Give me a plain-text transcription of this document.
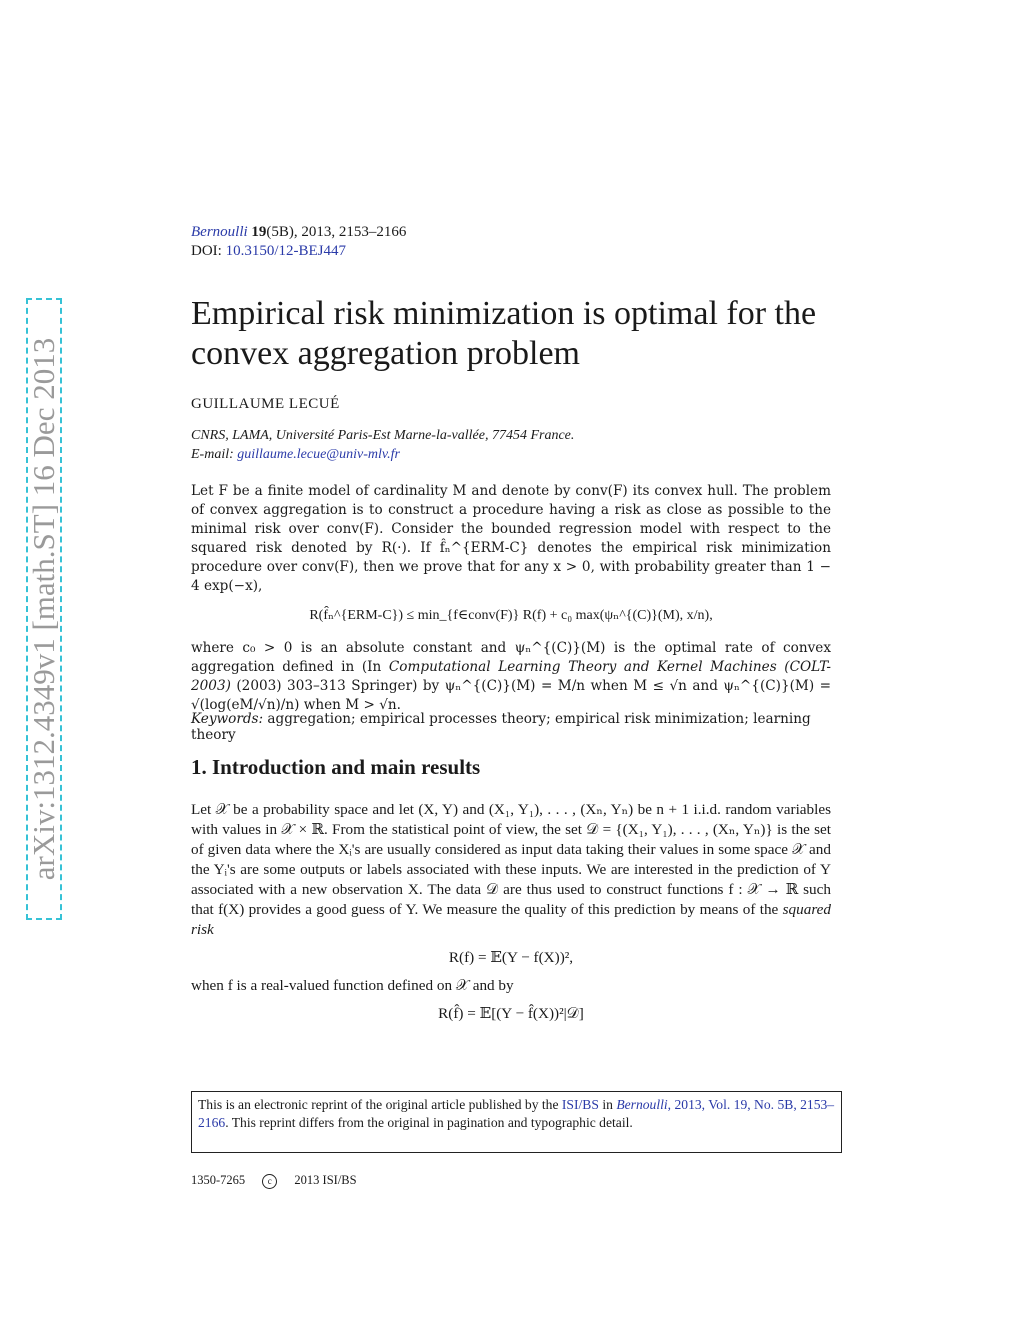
arXiv:1312.4349v1 [math.ST] 16 Dec 2013
Bernoulli 19(5B), 2013, 2153–2166
DOI: 10.3150/12-BEJ447
Empirical risk minimization is optimal for the convex aggregation problem
GUILLAUME LECUÉ
CNRS, LAMA, Université Paris-Est Marne-la-vallée, 77454 France.
E-mail: guillaume.lecue@univ-mlv.fr

Let F be a finite model of cardinality M and denote by conv(F) its convex hull. The problem of convex aggregation is to construct a procedure having a risk as close as possible to the minimal risk over conv(F). Consider the bounded regression model with respect to the squared risk denoted by R(·). If f̂ₙ^{ERM-C} denotes the empirical risk minimization procedure over conv(F), then we prove that for any x > 0, with probability greater than 1 − 4 exp(−x),

R(f̂ₙ^{ERM-C}) ≤ min_{f∈conv(F)} R(f) + c₀ max(ψₙ^{(C)}(M), x/n),

where c₀ > 0 is an absolute constant and ψₙ^{(C)}(M) is the optimal rate of convex aggregation defined in (In Computational Learning Theory and Kernel Machines (COLT-2003) (2003) 303–313 Springer) by ψₙ^{(C)}(M) = M/n when M ≤ √n and ψₙ^{(C)}(M) = √(log(eM/√n)/n) when M > √n.

Keywords: aggregation; empirical processes theory; empirical risk minimization; learning theory
1. Introduction and main results

Let 𝒳 be a probability space and let (X, Y) and (X₁, Y₁), . . . , (Xₙ, Yₙ) be n + 1 i.i.d. random variables with values in 𝒳 × ℝ. From the statistical point of view, the set 𝒟 = {(X₁, Y₁), . . . , (Xₙ, Yₙ)} is the set of given data where the Xᵢ's are usually considered as input data taking their values in some space 𝒳 and the Yᵢ's are some outputs or labels associated with these inputs. We are interested in the prediction of Y associated with a new observation X. The data 𝒟 are thus used to construct functions f : 𝒳 → ℝ such that f(X) provides a good guess of Y. We measure the quality of this prediction by means of the squared risk

R(f) = 𝔼(Y − f(X))²,

when f is a real-valued function defined on 𝒳 and by

R(f̂) = 𝔼[(Y − f̂(X))²|𝒟]

This is an electronic reprint of the original article published by the ISI/BS in Bernoulli, 2013, Vol. 19, No. 5B, 2153–2166. This reprint differs from the original in pagination and typographic detail.
1350-7265	c 2013 ISI/BS
